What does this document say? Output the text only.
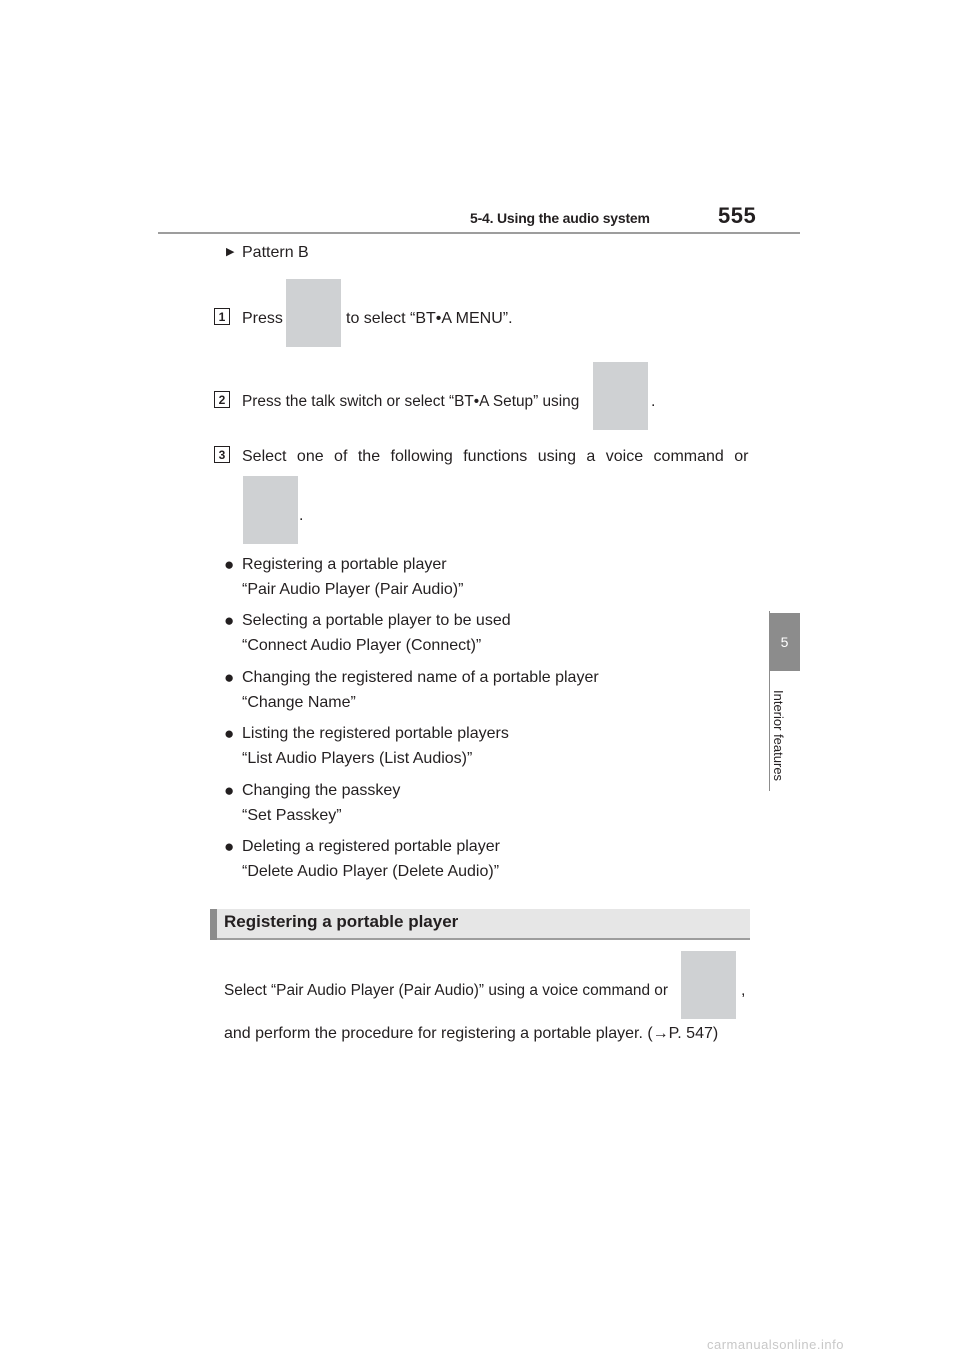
5-4. Using the audio system	555
5
Interior features
▶ Pattern B
1 Press	to select “BT•A MENU”.
2	Press the talk switch or select “BT•A Setup” using	.
3 Select one of the following functions using a voice command or
.
● Registering a portable player
“Pair Audio Player (Pair Audio)”
● Selecting a portable player to be used
“Connect Audio Player (Connect)”
● Changing the registered name of a portable player
“Change Name”
● Listing the registered portable players
“List Audio Players (List Audios)”
● Changing the passkey
“Set Passkey”
● Deleting a registered portable player
“Delete Audio Player (Delete Audio)”
Registering a portable player
Select “Pair Audio Player (Pair Audio)” using a voice command or	,
and perform the procedure for registering a portable player. (→P. 547)
carmanualsonline.info
